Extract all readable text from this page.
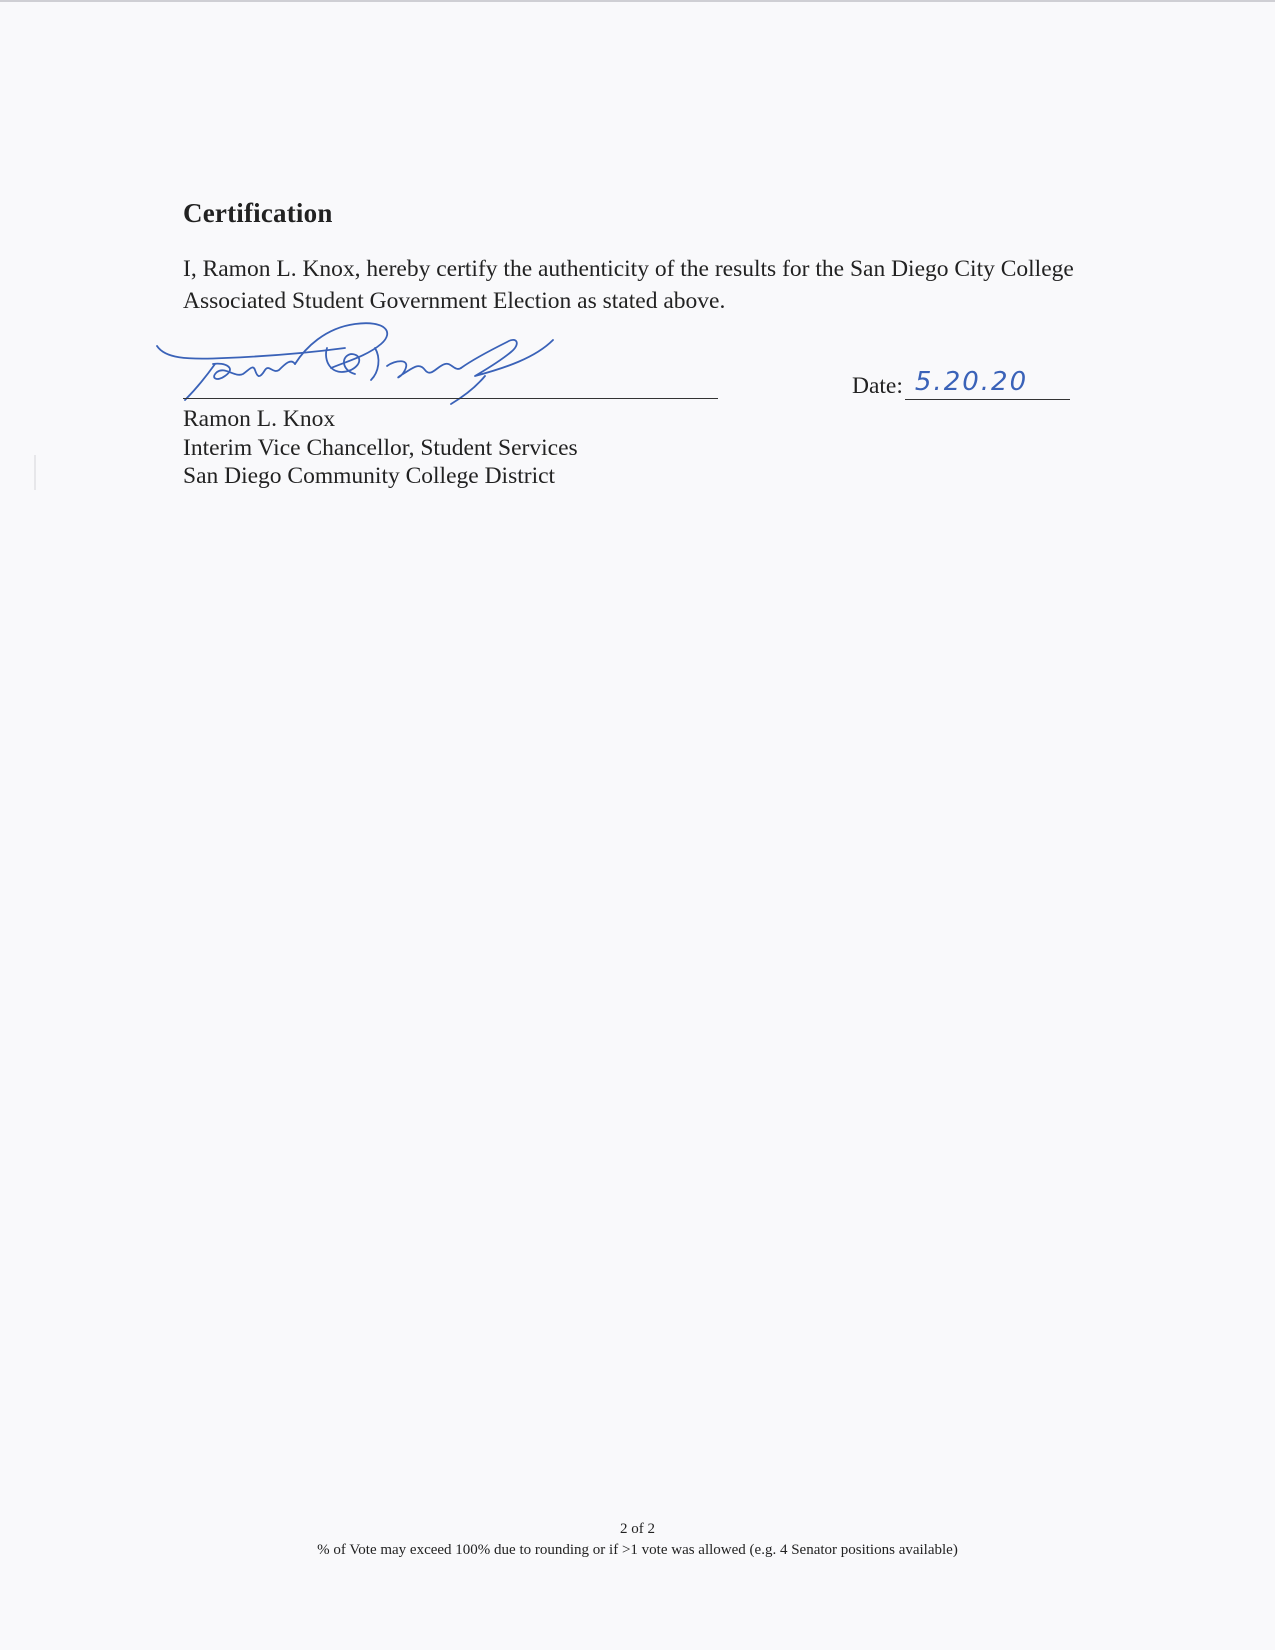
Certification
I, Ramon L. Knox, hereby certify the authenticity of the results for the San Diego City College Associated Student Government Election as stated above.
Ramon L. Knox
Interim Vice Chancellor, Student Services
San Diego Community College District
Date: 5.20.20
2 of 2
% of Vote may exceed 100% due to rounding or if >1 vote was allowed (e.g. 4 Senator positions available)
